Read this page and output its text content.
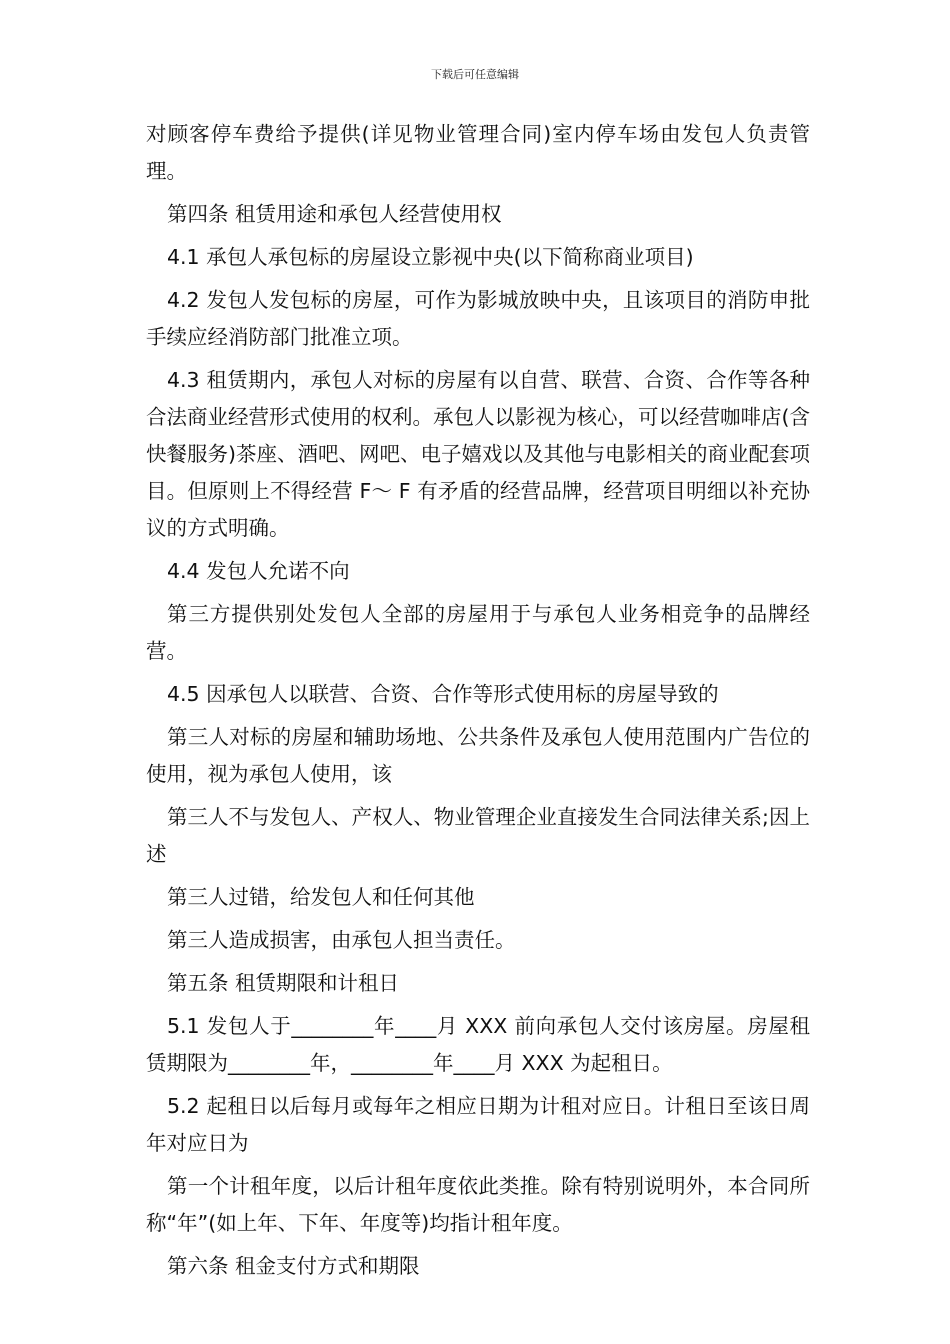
下载后可任意编辑

对顾客停车费给予提供(详见物业管理合同)室内停车场由发包人负责管理。

第四条 租赁用途和承包人经营使用权

4.1 承包人承包标的房屋设立影视中央(以下简称商业项目)

4.2 发包人发包标的房屋，可作为影城放映中央，且该项目的消防申批手续应经消防部门批准立项。

4.3 租赁期内，承包人对标的房屋有以自营、联营、合资、合作等各种合法商业经营形式使用的权利。承包人以影视为核心，可以经营咖啡店(含快餐服务)茶座、酒吧、网吧、电子嬉戏以及其他与电影相关的商业配套项目。但原则上不得经营 F～ F 有矛盾的经营品牌，经营项目明细以补充协议的方式明确。

4.4 发包人允诺不向

第三方提供别处发包人全部的房屋用于与承包人业务相竞争的品牌经营。

4.5 因承包人以联营、合资、合作等形式使用标的房屋导致的

第三人对标的房屋和辅助场地、公共条件及承包人使用范围内广告位的使用，视为承包人使用，该

第三人不与发包人、产权人、物业管理企业直接发生合同法律关系;因上述

第三人过错，给发包人和任何其他

第三人造成损害，由承包人担当责任。

第五条 租赁期限和计租日

5.1 发包人于________年____月 XXX 前向承包人交付该房屋。房屋租赁期限为________年，________年____月 XXX 为起租日。

5.2 起租日以后每月或每年之相应日期为计租对应日。计租日至该日周年对应日为

第一个计租年度，以后计租年度依此类推。除有特别说明外，本合同所称“年”(如上年、下年、年度等)均指计租年度。

第六条 租金支付方式和期限
